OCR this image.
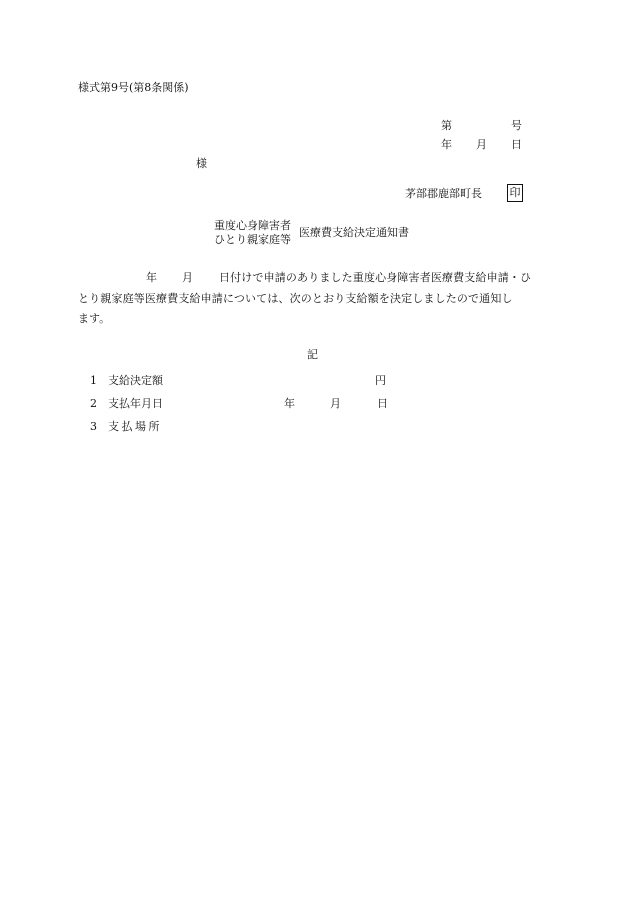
様式第9号(第8条関係)
第	号
年 月 日
様
茅部郡鹿部町長	印
重度心身障害者
ひとり親家庭等
医療費支給決定通知書
年 月 日付けで申請のありました重度心身障害者医療費支給申請・ひ
とり親家庭等医療費支給申請については、次のとおり支給額を決定しましたので通知し
ます。
記
1 支給決定額	円
2 支払年月日	年	月	日
3 支払場所
